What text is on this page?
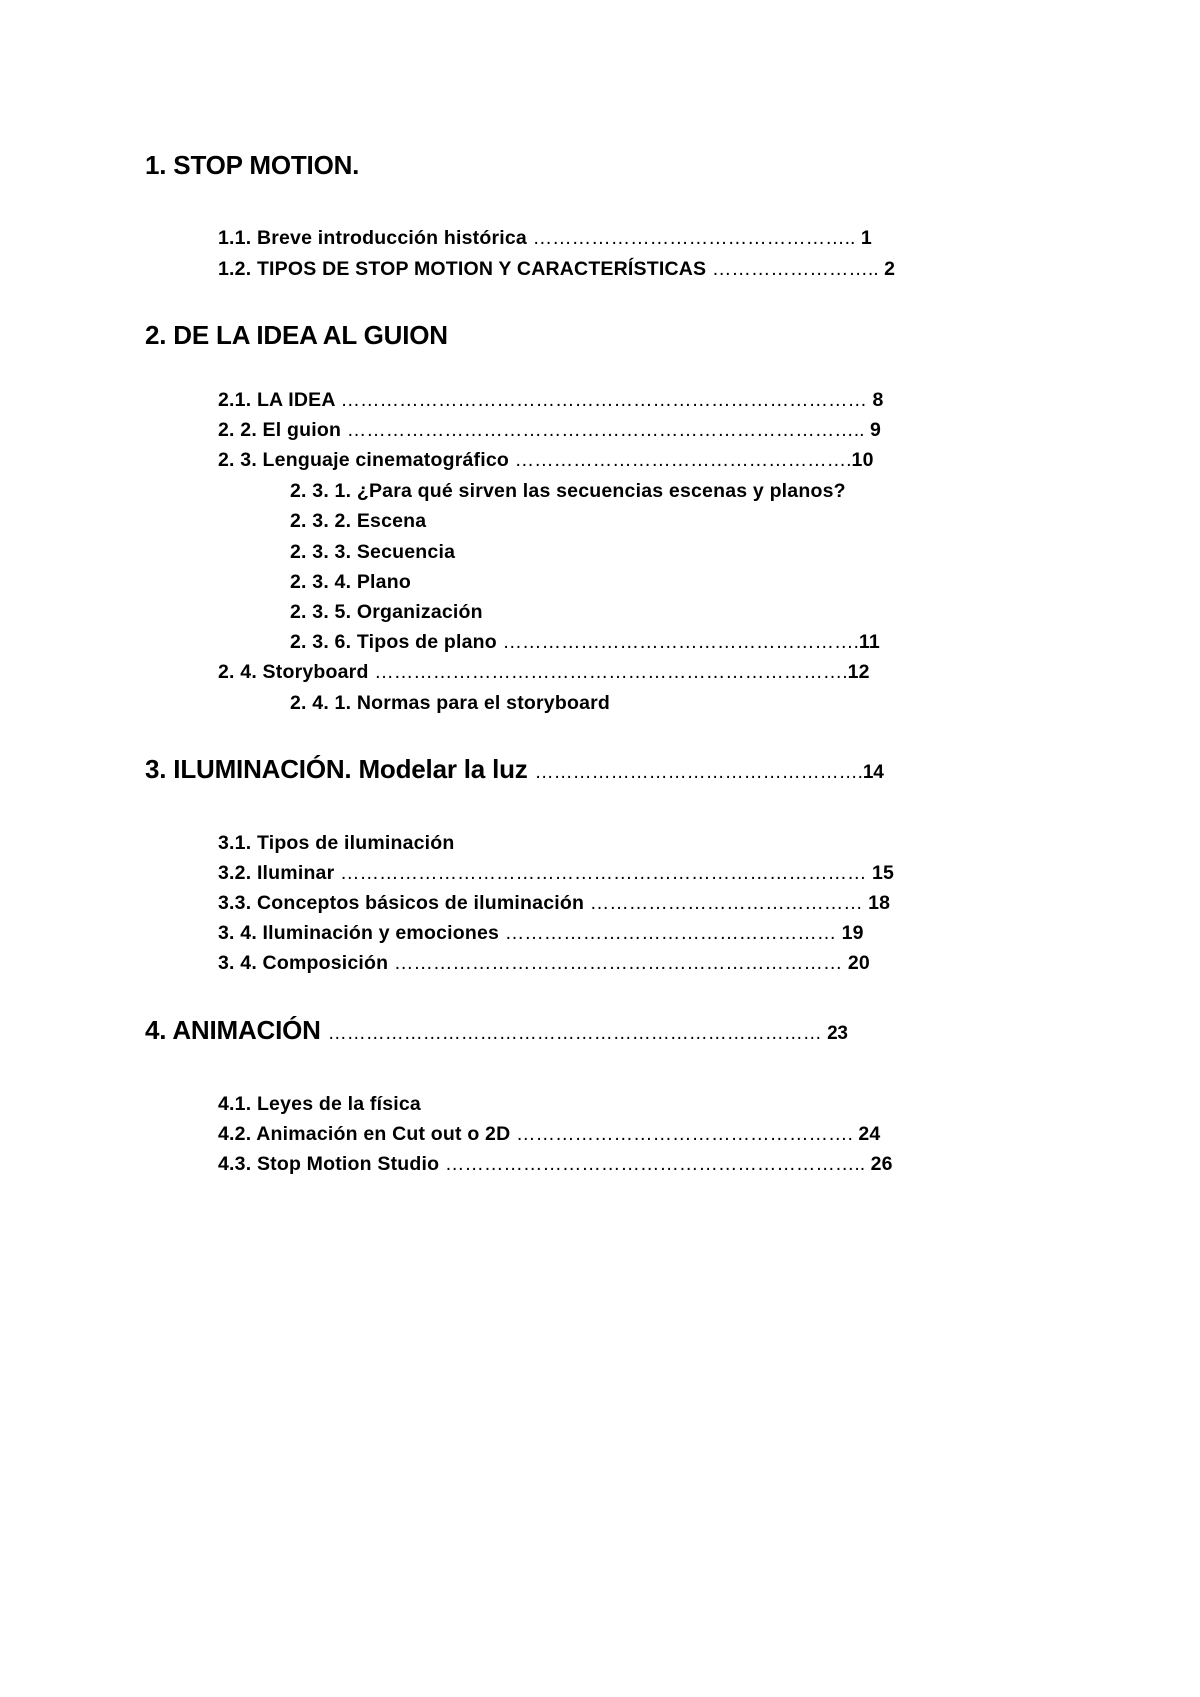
1. STOP MOTION.
1.1. Breve introducción histórica ………………………………………….. 1
1.2. TIPOS DE STOP MOTION Y CARACTERÍSTICAS …………………….. 2
2. DE LA IDEA AL GUION
2.1. LA IDEA ……………………………………………………………………… 8
2. 2. El guion …………………………………………………………………….. 9
2. 3. Lenguaje cinematográfico …………………………………………….10
2. 3. 1. ¿Para qué sirven las secuencias escenas y planos?
2. 3. 2. Escena
2. 3. 3. Secuencia
2. 3. 4. Plano
2. 3. 5. Organización
2. 3. 6. Tipos de plano ……………………………………………….11
2. 4. Storyboard ……………………………………………………………….12
2. 4. 1. Normas para el storyboard
3. ILUMINACIÓN. Modelar la luz …………………………………………….14
3.1. Tipos de iluminación
3.2. Iluminar ……………………………………………………………………… 15
3.3. Conceptos básicos de iluminación …………………………………… 18
3. 4. Iluminación y emociones …………………………………………… 19
3. 4. Composición …………………………………………………………… 20
4. ANIMACIÓN …………………………………………………………………… 23
4.1. Leyes de la física
4.2. Animación en Cut out o 2D ……………………………………………. 24
4.3. Stop Motion Studio ……………………………………………………….. 26
